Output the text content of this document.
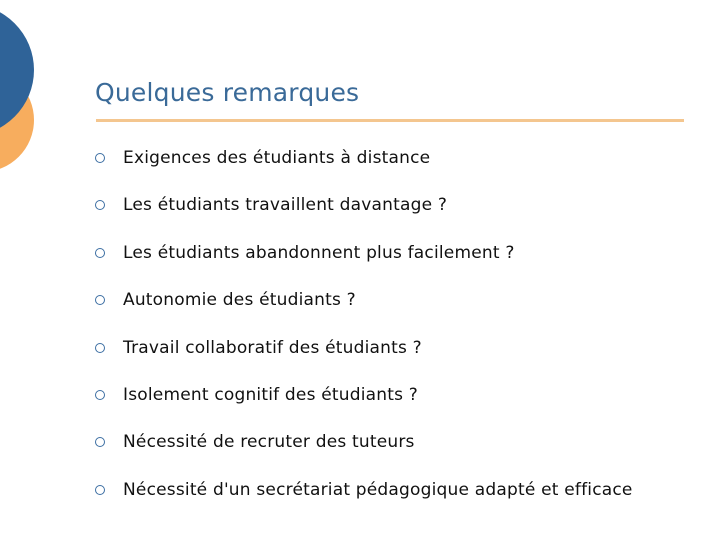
Quelques remarques
Exigences des étudiants à distance
Les étudiants travaillent davantage ?
Les étudiants abandonnent plus facilement ?
Autonomie des étudiants ?
Travail collaboratif des étudiants ?
Isolement cognitif des étudiants ?
Nécessité de recruter des tuteurs
Nécessité d'un secrétariat pédagogique adapté et efficace
